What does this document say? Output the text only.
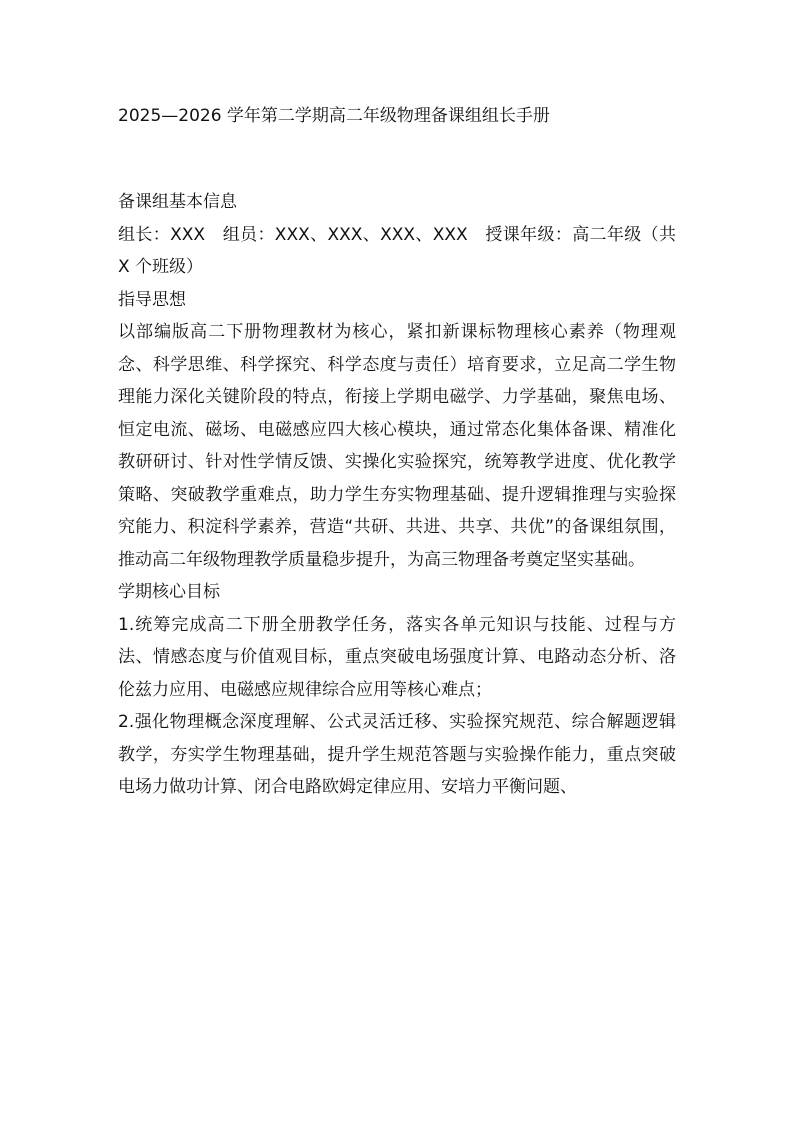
2025—2026 学年第二学期高二年级物理备课组组长手册

备课组基本信息

组长：XXX　组员：XXX、XXX、XXX、XXX　授课年级：高二年级（共X 个班级）

指导思想

以部编版高二下册物理教材为核心，紧扣新课标物理核心素养（物理观念、科学思维、科学探究、科学态度与责任）培育要求，立足高二学生物理能力深化关键阶段的特点，衔接上学期电磁学、力学基础，聚焦电场、恒定电流、磁场、电磁感应四大核心模块，通过常态化集体备课、精准化教研研讨、针对性学情反馈、实操化实验探究，统筹教学进度、优化教学策略、突破教学重难点，助力学生夯实物理基础、提升逻辑推理与实验探究能力、积淀科学素养，营造“共研、共进、共享、共优”的备课组氛围，推动高二年级物理教学质量稳步提升，为高三物理备考奠定坚实基础。

学期核心目标

1.统筹完成高二下册全册教学任务，落实各单元知识与技能、过程与方法、情感态度与价值观目标，重点突破电场强度计算、电路动态分析、洛伦兹力应用、电磁感应规律综合应用等核心难点；

2.强化物理概念深度理解、公式灵活迁移、实验探究规范、综合解题逻辑教学，夯实学生物理基础，提升学生规范答题与实验操作能力，重点突破电场力做功计算、闭合电路欧姆定律应用、安培力平衡问题、
